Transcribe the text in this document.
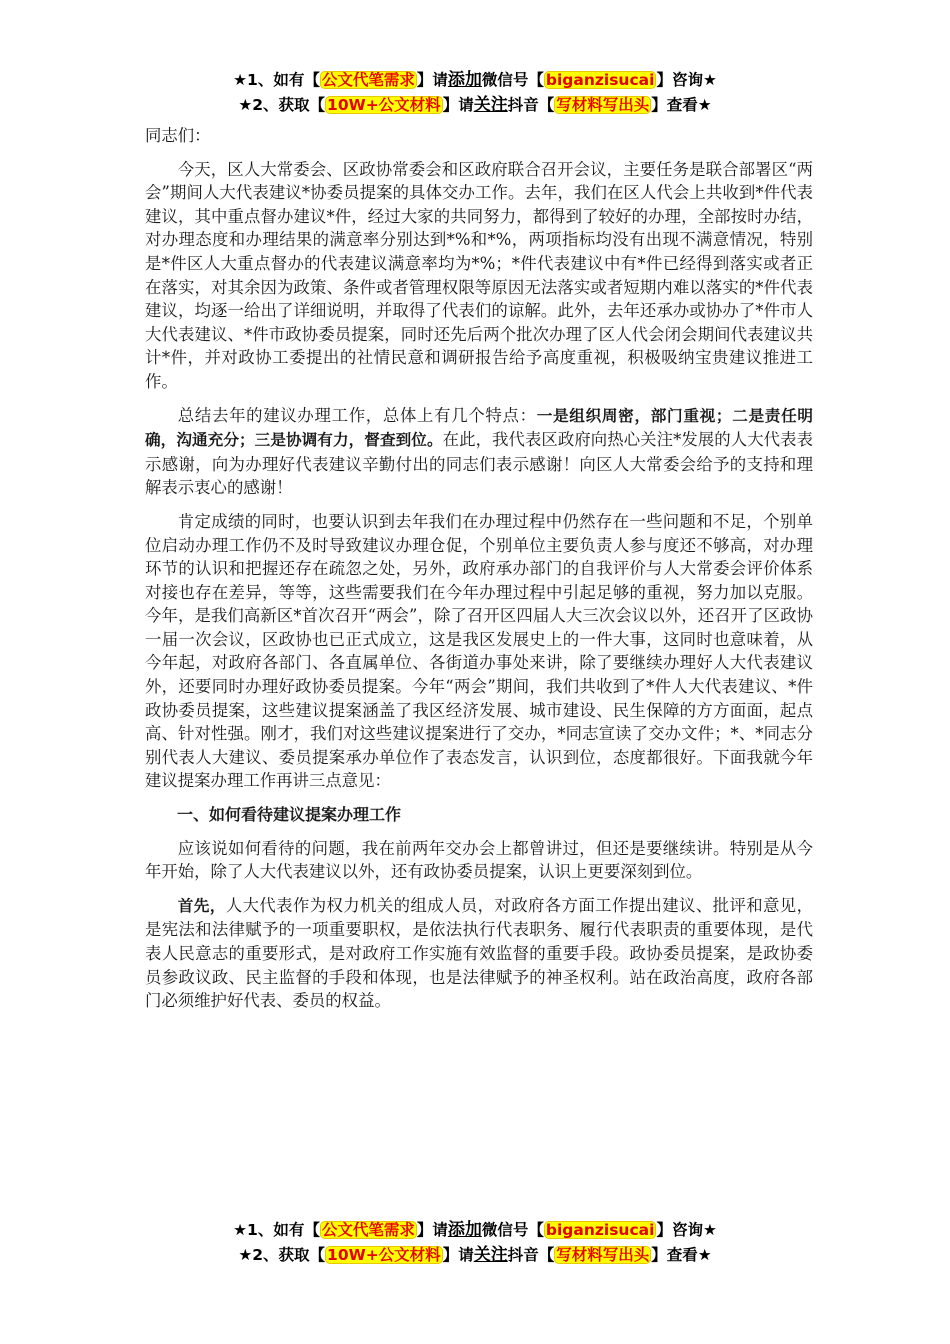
★1、如有【 公文代笔需求 】请添加微信号【 biganzisucai 】咨询★
★2、获取【 10W+公文材料 】请关注抖音【 写材料写出头 】查看★

同志们：

今天，区人大常委会、区政协常委会和区政府联合召开会议，主要任务是联合部署区“两会”期间人大代表建议*协委员提案的具体交办工作。去年，我们在区人代会上共收到*件代表建议，其中重点督办建议*件，经过大家的共同努力，都得到了较好的办理，全部按时办结，对办理态度和办理结果的满意率分别达到*%和*%，两项指标均没有出现不满意情况，特别是*件区人大重点督办的代表建议满意率均为*%；*件代表建议中有*件已经得到落实或者正在落实，对其余因为政策、条件或者管理权限等原因无法落实或者短期内难以落实的*件代表建议，均逐一给出了详细说明，并取得了代表们的谅解。此外，去年还承办或协办了*件市人大代表建议、*件市政协委员提案，同时还先后两个批次办理了区人代会闭会期间代表建议共计*件，并对政协工委提出的社情民意和调研报告给予高度重视，积极吸纳宝贵建议推进工作。

总结去年的建议办理工作，总体上有几个特点：一是组织周密，部门重视；二是责任明确，沟通充分；三是协调有力，督查到位。在此，我代表区政府向热心关注*发展的人大代表表示感谢，向为办理好代表建议辛勤付出的同志们表示感谢！向区人大常委会给予的支持和理解表示衷心的感谢！

肯定成绩的同时，也要认识到去年我们在办理过程中仍然存在一些问题和不足，个别单位启动办理工作仍不及时导致建议办理仓促，个别单位主要负责人参与度还不够高，对办理环节的认识和把握还存在疏忽之处，另外，政府承办部门的自我评价与人大常委会评价体系对接也存在差异，等等，这些需要我们在今年办理过程中引起足够的重视，努力加以克服。今年，是我们高新区*首次召开“两会”，除了召开区四届人大三次会议以外，还召开了区政协一届一次会议，区政协也已正式成立，这是我区发展史上的一件大事，这同时也意味着，从今年起，对政府各部门、各直属单位、各街道办事处来讲，除了要继续办理好人大代表建议外，还要同时办理好政协委员提案。今年“两会”期间，我们共收到了*件人大代表建议、*件政协委员提案，这些建议提案涵盖了我区经济发展、城市建设、民生保障的方方面面，起点高、针对性强。刚才，我们对这些建议提案进行了交办，*同志宣读了交办文件；*、*同志分别代表人大建议、委员提案承办单位作了表态发言，认识到位，态度都很好。下面我就今年建议提案办理工作再讲三点意见：

一、如何看待建议提案办理工作

应该说如何看待的问题，我在前两年交办会上都曾讲过，但还是要继续讲。特别是从今年开始，除了人大代表建议以外，还有政协委员提案，认识上更要深刻到位。

首先，人大代表作为权力机关的组成人员，对政府各方面工作提出建议、批评和意见，是宪法和法律赋予的一项重要职权，是依法执行代表职务、履行代表职责的重要体现，是代表人民意志的重要形式，是对政府工作实施有效监督的重要手段。政协委员提案，是政协委员参政议政、民主监督的手段和体现，也是法律赋予的神圣权利。站在政治高度，政府各部门必须维护好代表、委员的权益。

★1、如有【 公文代笔需求 】请添加微信号【 biganzisucai 】咨询★
★2、获取【 10W+公文材料 】请关注抖音【 写材料写出头 】查看★
